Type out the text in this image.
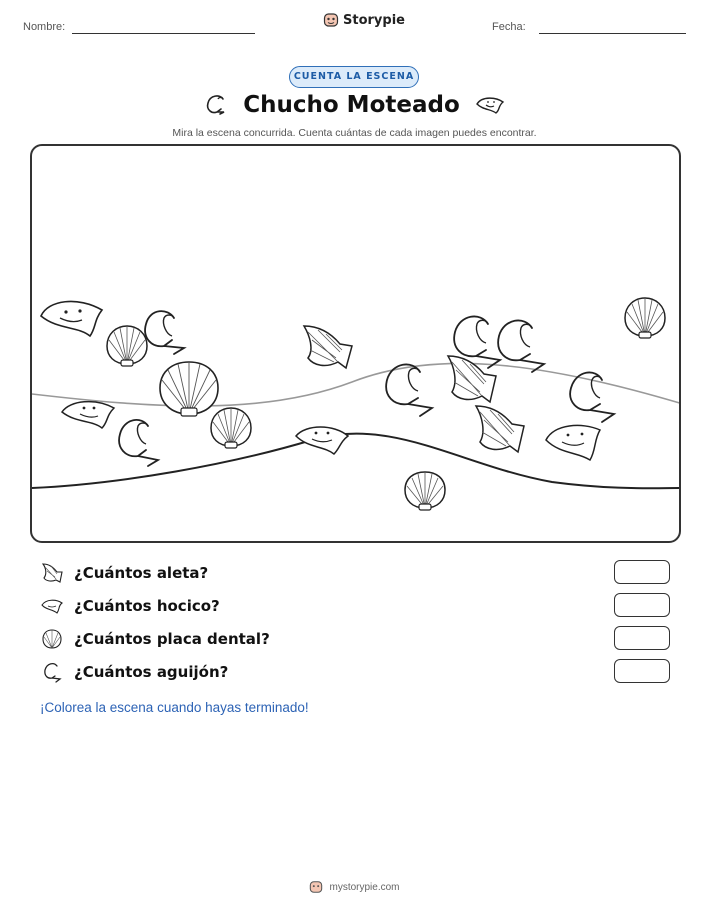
Nombre:	Storypie	Fecha:
CUENTA LA ESCENA
Chucho Moteado
Mira la escena concurrida. Cuenta cuántas de cada imagen puedes encontrar.
¿Cuántos aleta?
¿Cuántos hocico?
¿Cuántos placa dental?
¿Cuántos aguijón?
¡Colorea la escena cuando hayas terminado!
mystorypie.com
